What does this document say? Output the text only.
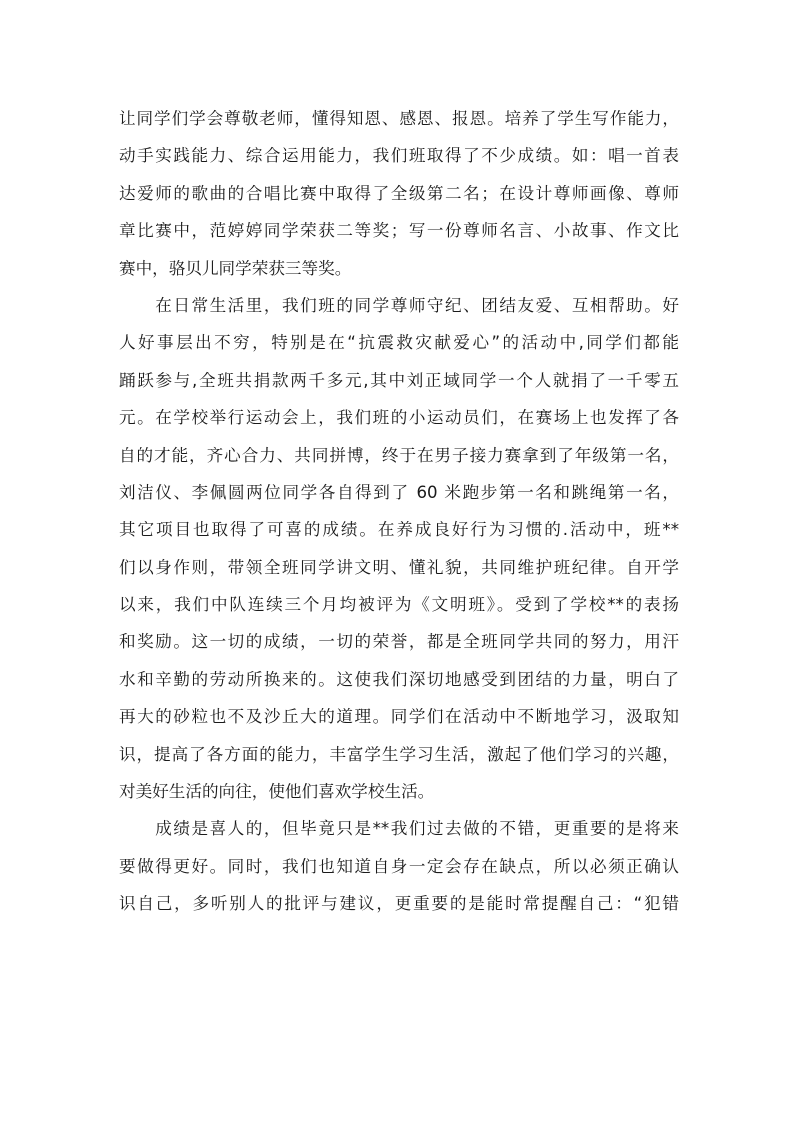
让同学们学会尊敬老师，懂得知恩、感恩、报恩。培养了学生写作能力，
动手实践能力、综合运用能力，我们班取得了不少成绩。如：唱一首表
达爱师的歌曲的合唱比赛中取得了全级第二名；在设计尊师画像、尊师
章比赛中，范婷婷同学荣获二等奖；写一份尊师名言、小故事、作文比
赛中，骆贝儿同学荣获三等奖。
　　在日常生活里，我们班的同学尊师守纪、团结友爱、互相帮助。好
人好事层出不穷，特别是在“抗震救灾献爱心”的活动中,同学们都能
踊跃参与,全班共捐款两千多元,其中刘正域同学一个人就捐了一千零五
元。在学校举行运动会上，我们班的小运动员们，在赛场上也发挥了各
自的才能，齐心合力、共同拼博，终于在男子接力赛拿到了年级第一名，
刘洁仪、李佩圆两位同学各自得到了 60 米跑步第一名和跳绳第一名，
其它项目也取得了可喜的成绩。在养成良好行为习惯的.活动中，班**
们以身作则，带领全班同学讲文明、懂礼貌，共同维护班纪律。自开学
以来，我们中队连续三个月均被评为《文明班》。受到了学校**的表扬
和奖励。这一切的成绩，一切的荣誉，都是全班同学共同的努力，用汗
水和辛勤的劳动所换来的。这使我们深切地感受到团结的力量，明白了
再大的砂粒也不及沙丘大的道理。同学们在活动中不断地学习，汲取知
识，提高了各方面的能力，丰富学生学习生活，激起了他们学习的兴趣，
对美好生活的向往，使他们喜欢学校生活。
　　成绩是喜人的，但毕竟只是**我们过去做的不错，更重要的是将来
要做得更好。同时，我们也知道自身一定会存在缺点，所以必须正确认
识自己，多听别人的批评与建议，更重要的是能时常提醒自己：“犯错
